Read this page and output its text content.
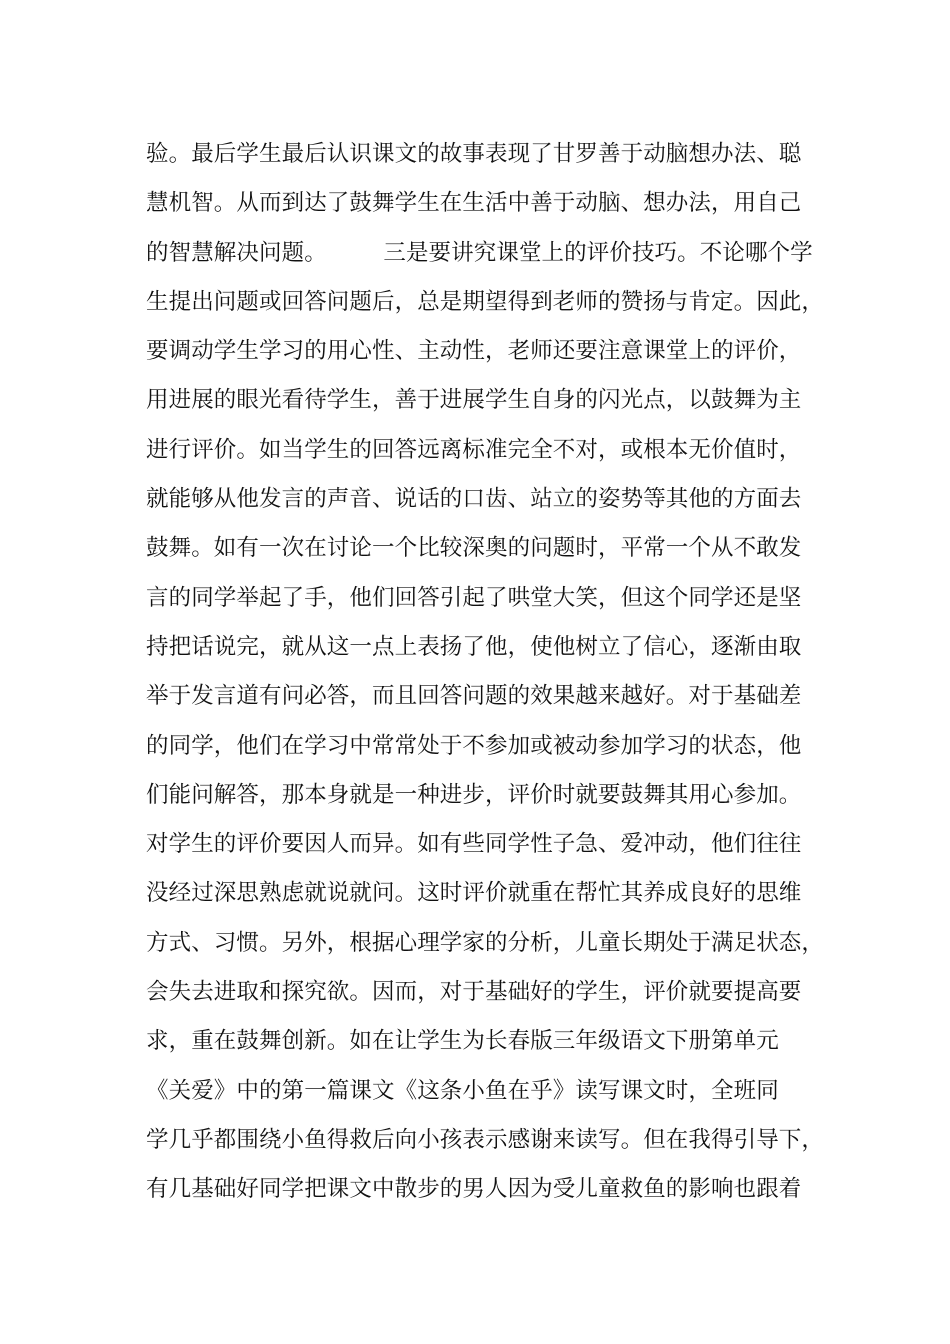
验。最后学生最后认识课文的故事表现了甘罗善于动脑想办法、聪
慧机智。从而到达了鼓舞学生在生活中善于动脑、想办法，用自己
的智慧解决问题。　　　三是要讲究课堂上的评价技巧。不论哪个学
生提出问题或回答问题后，总是期望得到老师的赞扬与肯定。因此，
要调动学生学习的用心性、主动性，老师还要注意课堂上的评价，
用进展的眼光看待学生，善于进展学生自身的闪光点，以鼓舞为主
进行评价。如当学生的回答远离标准完全不对，或根本无价值时，
就能够从他发言的声音、说话的口齿、站立的姿势等其他的方面去
鼓舞。如有一次在讨论一个比较深奥的问题时，平常一个从不敢发
言的同学举起了手，他们回答引起了哄堂大笑，但这个同学还是坚
持把话说完，就从这一点上表扬了他，使他树立了信心，逐渐由取
举于发言道有问必答，而且回答问题的效果越来越好。对于基础差
的同学，他们在学习中常常处于不参加或被动参加学习的状态，他
们能问解答，那本身就是一种进步，评价时就要鼓舞其用心参加。
对学生的评价要因人而异。如有些同学性子急、爱冲动，他们往往
没经过深思熟虑就说就问。这时评价就重在帮忙其养成良好的思维
方式、习惯。另外，根据心理学家的分析，儿童长期处于满足状态，
会失去进取和探究欲。因而，对于基础好的学生，评价就要提高要
求，重在鼓舞创新。如在让学生为长春版三年级语文下册第单元
《关爱》中的第一篇课文《这条小鱼在乎》读写课文时，全班同
学几乎都围绕小鱼得救后向小孩表示感谢来读写。但在我得引导下，
有几基础好同学把课文中散步的男人因为受儿童救鱼的影响也跟着
